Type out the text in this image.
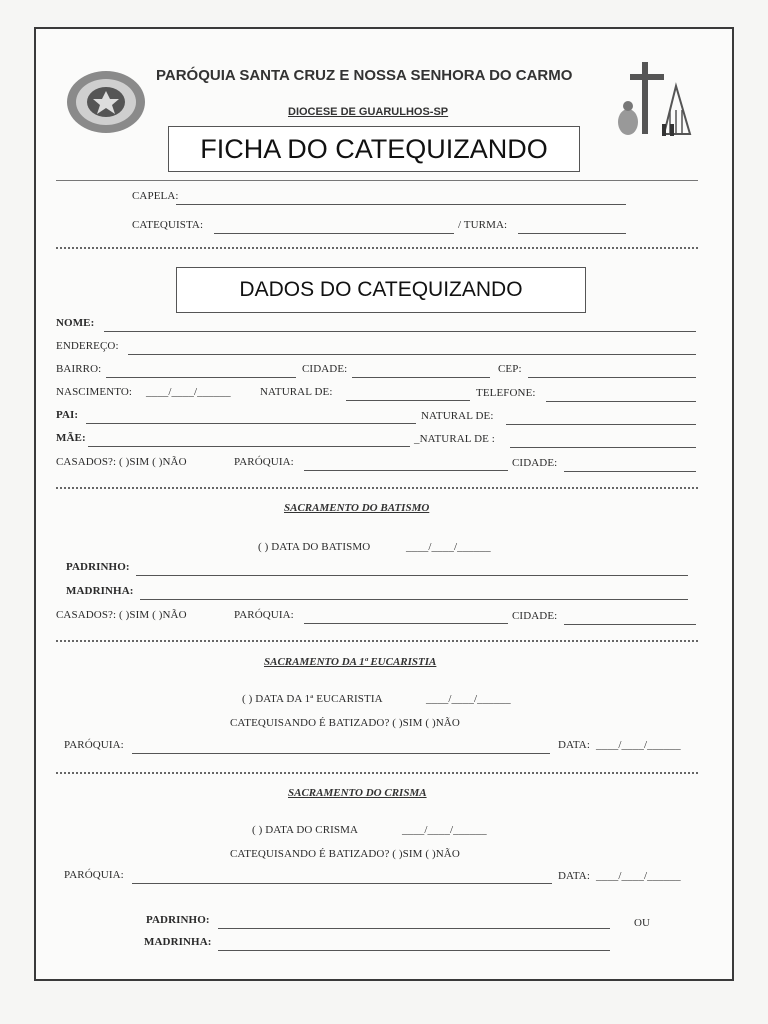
PARÓQUIA SANTA CRUZ E NOSSA SENHORA DO CARMO
DIOCESE DE GUARULHOS-SP
FICHA DO CATEQUIZANDO
CAPELA:
CATEQUISTA:	/ TURMA:
DADOS DO CATEQUIZANDO
NOME:
ENDEREÇO:
BAIRRO:	CIDADE:	CEP:
NASCIMENTO: ____/____/______	NATURAL DE:	TELEFONE:
PAI:	NATURAL DE:
MÃE:	_NATURAL DE :
CASADOS?: ( )SIM ( )NÃO	PARÓQUIA:	CIDADE:
SACRAMENTO DO BATISMO
( ) DATA DO BATISMO	____/____/______
PADRINHO:
MADRINHA:
CASADOS?: ( )SIM ( )NÃO	PARÓQUIA:	CIDADE:
SACRAMENTO DA 1ª EUCARISTIA
( ) DATA DA 1ª EUCARISTIA	____/____/______
CATEQUISANDO É BATIZADO? ( )SIM ( )NÃO
PARÓQUIA:	DATA: ____/____/______
SACRAMENTO DO CRISMA
( ) DATA DO CRISMA	____/____/______
CATEQUISANDO É BATIZADO? ( )SIM ( )NÃO
PARÓQUIA:	DATA: ____/____/______
PADRINHO:	OU
MADRINHA:
